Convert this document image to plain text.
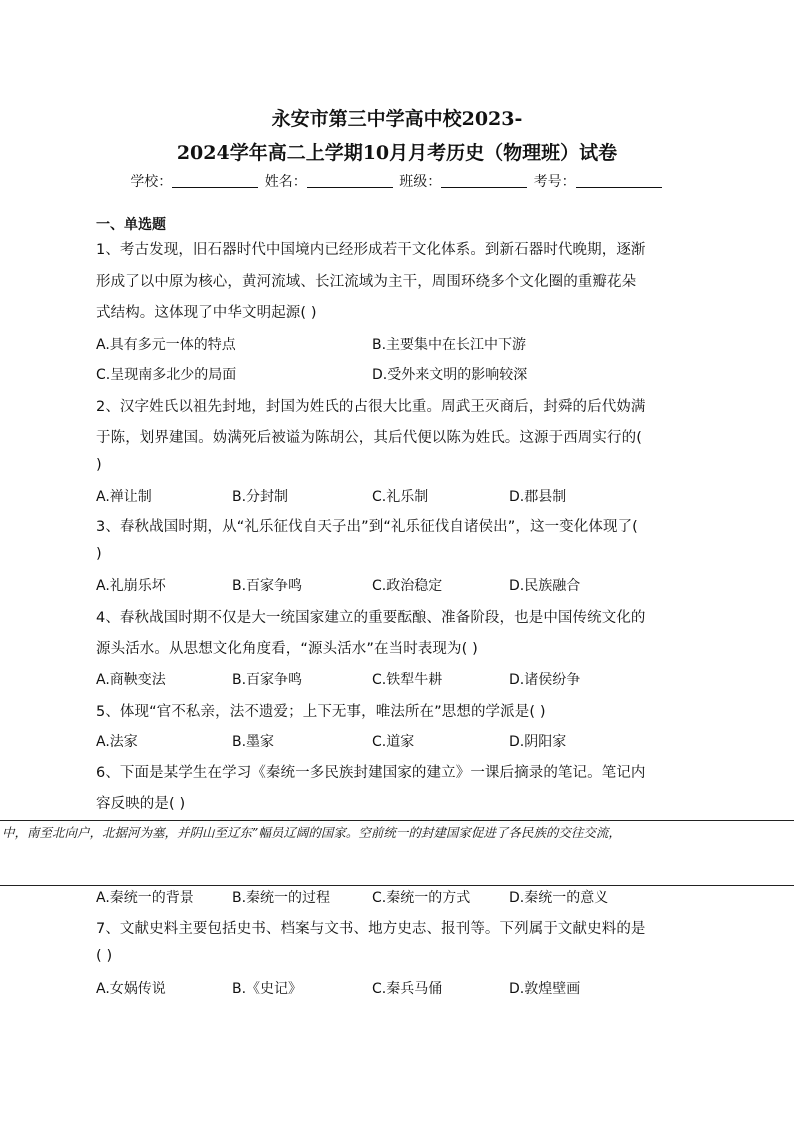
永安市第三中学高中校2023-
2024学年高二上学期10月月考历史（物理班）试卷
学校：	姓名：	班级：	考号：
一、单选题
1、考古发现，旧石器时代中国境内已经形成若干文化体系。到新石器时代晚期，逐渐
形成了以中原为核心，黄河流域、长江流域为主干，周围环绕多个文化圈的重瓣花朵
式结构。这体现了中华文明起源( )
A.具有多元一体的特点	B.主要集中在长江中下游
C.呈现南多北少的局面	D.受外来文明的影响较深
2、汉字姓氏以祖先封地，封国为姓氏的占很大比重。周武王灭商后，封舜的后代妫满
于陈，划界建国。妫满死后被谥为陈胡公，其后代便以陈为姓氏。这源于西周实行的(
)
A.禅让制	B.分封制	C.礼乐制	D.郡县制
3、春秋战国时期，从“礼乐征伐自天子出”到“礼乐征伐自诸侯出”，这一变化体现了(
)
A.礼崩乐坏	B.百家争鸣	C.政治稳定	D.民族融合
4、春秋战国时期不仅是大一统国家建立的重要酝酿、准备阶段，也是中国传统文化的
源头活水。从思想文化角度看，“源头活水”在当时表现为( )
A.商鞅变法	B.百家争鸣	C.铁犁牛耕	D.诸侯纷争
5、体现“官不私亲，法不遗爱；上下无事，唯法所在”思想的学派是( )
A.法家	B.墨家	C.道家	D.阴阳家
6、下面是某学生在学习《秦统一多民族封建国家的建立》一课后摘录的笔记。笔记内
容反映的是( )
中，南至北向户，北据河为塞，并阴山至辽东”幅员辽阔的国家。空前统一的封建国家促进了各民族的交往交流，
A.秦统一的背景	B.秦统一的过程	C.秦统一的方式	D.秦统一的意义
7、文献史料主要包括史书、档案与文书、地方史志、报刊等。下列属于文献史料的是
( )
A.女娲传说	B.《史记》	C.秦兵马俑	D.敦煌壁画
